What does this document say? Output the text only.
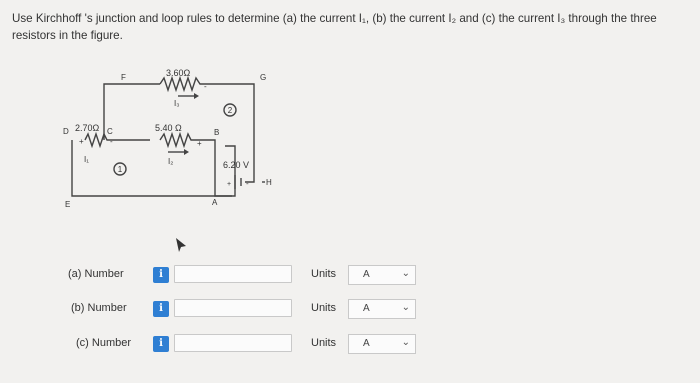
Use Kirchhoff 's junction and loop rules to determine (a) the current I₁, (b) the current I₂ and (c) the current I₃ through the three resistors in the figure.
3.60Ω
I₃
5.40 Ω
I₂
2.70Ω
I₁
6.20 V
+ -
+	-	+
-
1
2
D
E
F
C	B
A
G
H
(a) Number	i	Units	A	⌄
(b) Number	i	Units	A	⌄
(c) Number	i	Units	A	⌄
